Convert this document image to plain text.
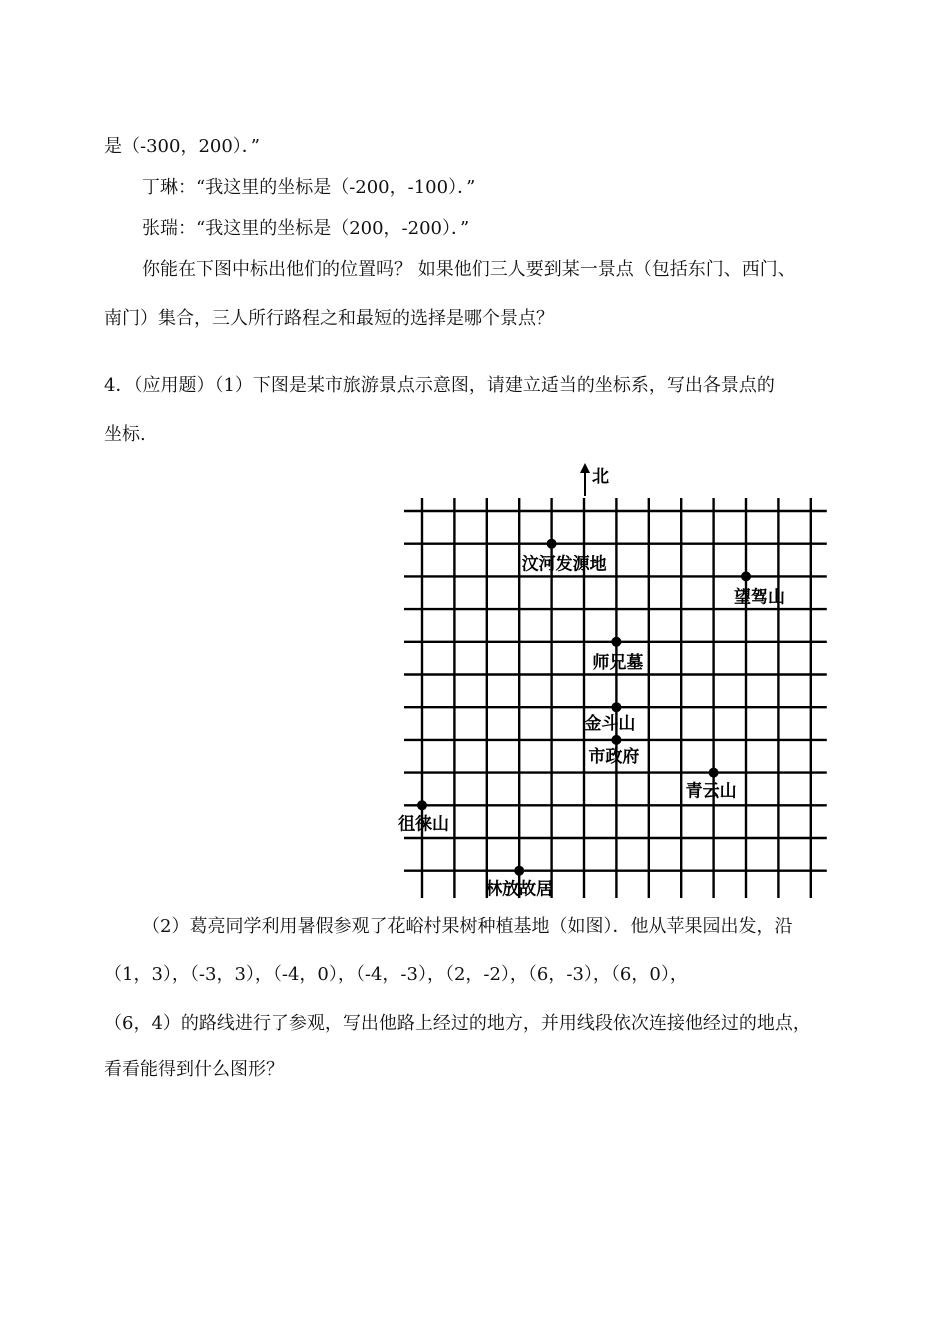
是（-300，200）．”
丁琳：“我这里的坐标是（-200，-100）．”
张瑞：“我这里的坐标是（200，-200）．”
你能在下图中标出他们的位置吗？ 如果他们三人要到某一景点（包括东门、西门、
南门）集合，三人所行路程之和最短的选择是哪个景点？
4．（应用题）（1）下图是某市旅游景点示意图，请建立适当的坐标系，写出各景点的
坐标.
北
汶河发源地
望驾山
师兄墓
金斗山
市政府
青云山
徂徕山
林放故居
（2）葛亮同学利用暑假参观了花峪村果树种植基地（如图）．他从苹果园出发，沿
（1，3），（-3，3），（-4，0），（-4，-3），（2，-2），（6，-3），（6，0），
（6，4）的路线进行了参观，写出他路上经过的地方，并用线段依次连接他经过的地点，
看看能得到什么图形？
